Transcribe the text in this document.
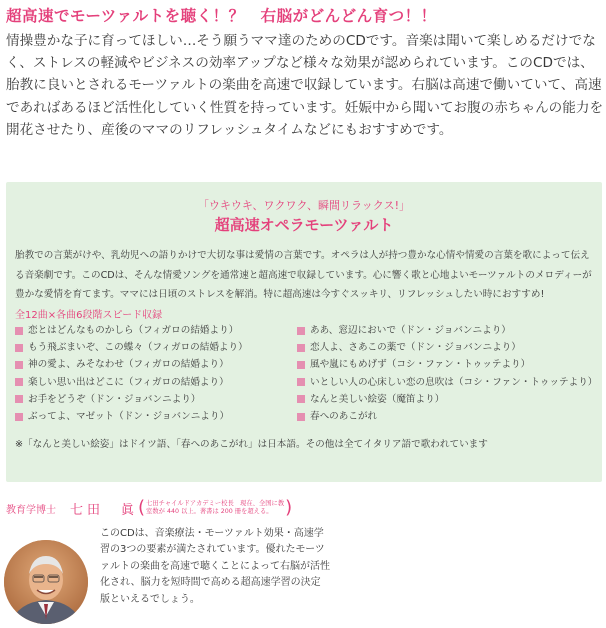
超高速でモーツァルトを聴く！？　右脳がどんどん育つ！！

情操豊かな子に育ってほしい…そう願うママ達のためのCDです。音楽は聞いて楽しめるだけでなく、ストレスの軽減やビジネスの効率アップなど様々な効果が認められています。このCDでは、胎教に良いとされるモーツァルトの楽曲を高速で収録しています。右脳は高速で働いていて、高速であればあるほど活性化していく性質を持っています。妊娠中から聞いてお腹の赤ちゃんの能力を開花させたり、産後のママのリフレッシュタイムなどにもおすすめです。

「ウキウキ、ワクワク、瞬間リラックス!」
超高速オペラモーツァルト

胎教での言葉がけや、乳幼児への語りかけで大切な事は愛情の言葉です。オペラは人が持つ豊かな心情や情愛の言葉を歌によって伝える音楽劇です。このCDは、そんな情愛ソングを通常速と超高速で収録しています。心に響く歌と心地よいモーツァルトのメロディーが豊かな愛情を育てます。ママには日頃のストレスを解消。特に超高速は今すぐスッキリ、リフレッシュしたい時におすすめ!

全12曲×各曲6段階スピード収録
恋とはどんなものかしら（フィガロの結婚より）
もう飛ぶまいぞ、この蝶々（フィガロの結婚より）
神の愛よ、みそなわせ（フィガロの結婚より）
楽しい思い出はどこに（フィガロの結婚より）
お手をどうぞ（ドン・ジョバンニより）
ぶってよ、マゼット（ドン・ジョバンニより）
ああ、窓辺においで（ドン・ジョバンニより）
恋人よ、さあこの薬で（ドン・ジョバンニより）
風や嵐にもめげず（コシ・ファン・トゥッテより）
いとしい人の心床しい恋の息吹は（コシ・ファン・トゥッテより）
なんと美しい絵姿（魔笛より）
春へのあこがれ
※「なんと美しい絵姿」はドイツ語、「春へのあこがれ」は日本語。その他は全てイタリア語で歌われています
教育学博士 七田　眞 ( 七田チャイルドアカデミー校長　現在、全国に教
室数が 440 以上。著書は 200 冊を超える。 )

このCDは、音楽療法・モーツァルト効果・高速学習の3つの要素が満たされています。優れたモーツァルトの楽曲を高速で聴くことによって右脳が活性化され、脳力を短時間で高める超高速学習の決定版といえるでしょう。
